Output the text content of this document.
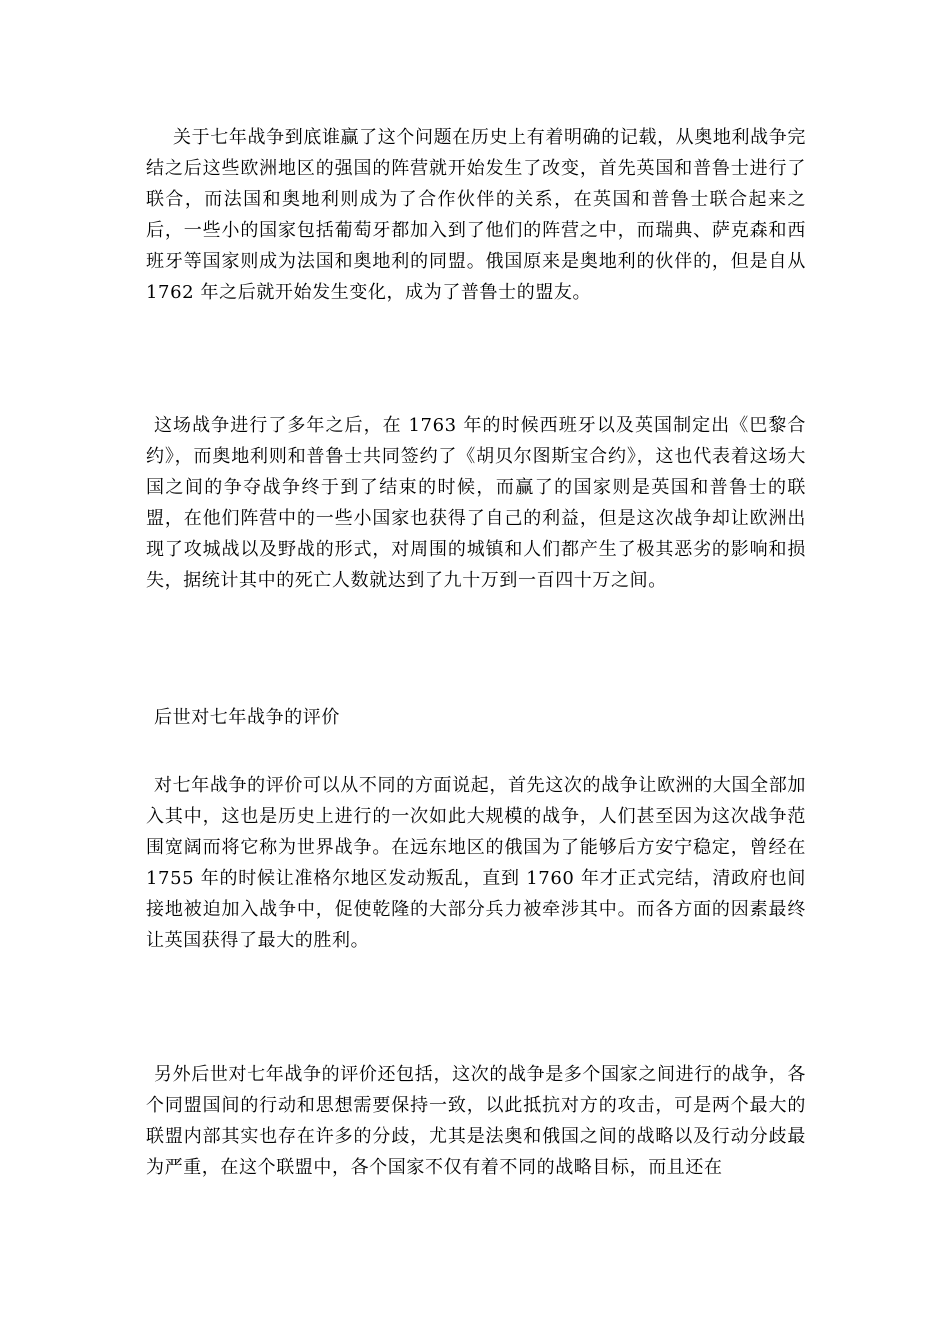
关于七年战争到底谁赢了这个问题在历史上有着明确的记载，从奥地利战争完结之后这些欧洲地区的强国的阵营就开始发生了改变，首先英国和普鲁士进行了联合，而法国和奥地利则成为了合作伙伴的关系，在英国和普鲁士联合起来之后，一些小的国家包括葡萄牙都加入到了他们的阵营之中，而瑞典、萨克森和西班牙等国家则成为法国和奥地利的同盟。俄国原来是奥地利的伙伴的，但是自从 1762 年之后就开始发生变化，成为了普鲁士的盟友。

这场战争进行了多年之后，在 1763 年的时候西班牙以及英国制定出《巴黎合约》，而奥地利则和普鲁士共同签约了《胡贝尔图斯宝合约》，这也代表着这场大国之间的争夺战争终于到了结束的时候，而赢了的国家则是英国和普鲁士的联盟，在他们阵营中的一些小国家也获得了自己的利益，但是这次战争却让欧洲出现了攻城战以及野战的形式，对周围的城镇和人们都产生了极其恶劣的影响和损失，据统计其中的死亡人数就达到了九十万到一百四十万之间。

后世对七年战争的评价

对七年战争的评价可以从不同的方面说起，首先这次的战争让欧洲的大国全部加入其中，这也是历史上进行的一次如此大规模的战争，人们甚至因为这次战争范围宽阔而将它称为世界战争。在远东地区的俄国为了能够后方安宁稳定，曾经在 1755 年的时候让准格尔地区发动叛乱，直到 1760 年才正式完结，清政府也间接地被迫加入战争中，促使乾隆的大部分兵力被牵涉其中。而各方面的因素最终让英国获得了最大的胜利。

另外后世对七年战争的评价还包括，这次的战争是多个国家之间进行的战争，各个同盟国间的行动和思想需要保持一致，以此抵抗对方的攻击，可是两个最大的联盟内部其实也存在许多的分歧，尤其是法奥和俄国之间的战略以及行动分歧最为严重，在这个联盟中，各个国家不仅有着不同的战略目标，而且还在
